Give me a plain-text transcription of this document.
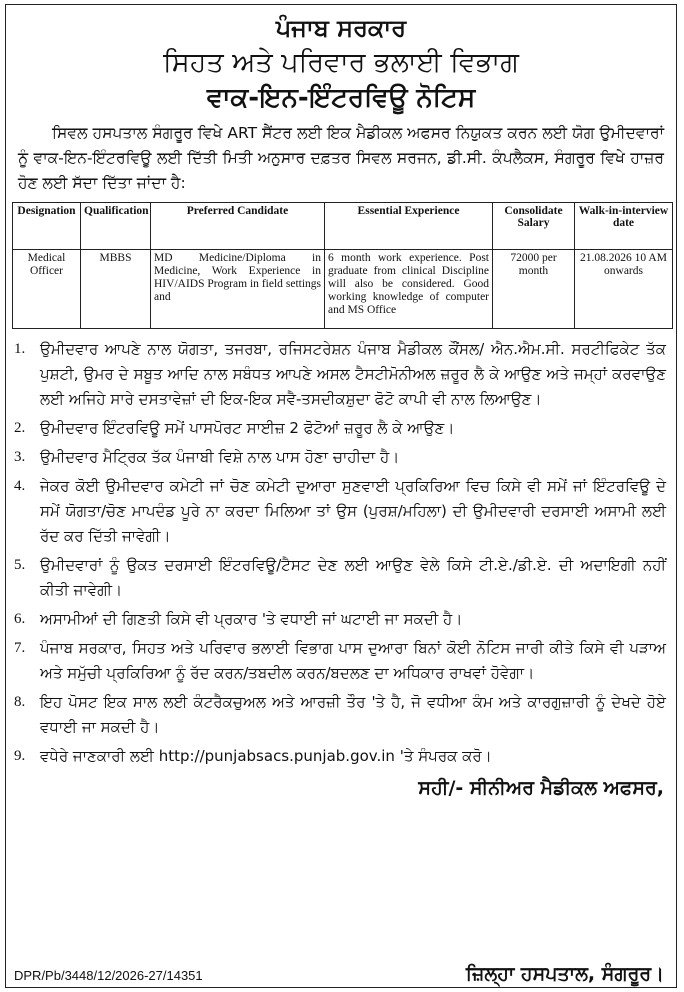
ਪੰਜਾਬ ਸਰਕਾਰ
ਸਿਹਤ ਅਤੇ ਪਰਿਵਾਰ ਭਲਾਈ ਵਿਭਾਗ
ਵਾਕ-ਇਨ-ਇੰਟਰਵਿਊ ਨੋਟਿਸ
ਸਿਵਲ ਹਸਪਤਾਲ ਸੰਗਰੂਰ ਵਿਖੇ ART ਸੈਂਟਰ ਲਈ ਇਕ ਮੈਡੀਕਲ ਅਫਸਰ ਨਿਯੁਕਤ ਕਰਨ ਲਈ ਯੋਗ ਉਮੀਦਵਾਰਾਂ ਨੂੰ ਵਾਕ-ਇਨ-ਇੰਟਰਵਿਊ ਲਈ ਦਿੱਤੀ ਮਿਤੀ ਅਨੁਸਾਰ ਦਫ਼ਤਰ ਸਿਵਲ ਸਰਜਨ, ਡੀ.ਸੀ. ਕੰਪਲੈਕਸ, ਸੰਗਰੂਰ ਵਿਖੇ ਹਾਜ਼ਰ ਹੋਣ ਲਈ ਸੱਦਾ ਦਿੱਤਾ ਜਾਂਦਾ ਹੈ:
Designation	Qualification	Preferred Candidate	Essential Experience	Consolidate Salary	Walk-in-interview date
Medical Officer	MBBS	MD Medicine/Diploma in Medicine, Work Experience in HIV/AIDS Program in field settings and	6 month work experience. Post graduate from clinical Discipline will also be considered. Good working knowledge of computer and MS Office	72000 per month	21.08.2026 10 AM onwards
1. ਉਮੀਦਵਾਰ ਆਪਣੇ ਨਾਲ ਯੋਗਤਾ, ਤਜਰਬਾ, ਰਜਿਸਟਰੇਸ਼ਨ ਪੰਜਾਬ ਮੈਡੀਕਲ ਕੌਂਸਲ/ ਐਨ.ਐਮ.ਸੀ. ਸਰਟੀਫਿਕੇਟ ਤੱਕ ਪੁਸ਼ਟੀ, ਉਮਰ ਦੇ ਸਬੂਤ ਆਦਿ ਨਾਲ ਸਬੰਧਤ ਆਪਣੇ ਅਸਲ ਟੈਸਟੀਮੋਨੀਅਲ ਜ਼ਰੂਰ ਲੈ ਕੇ ਆਉਣ ਅਤੇ ਜਮ੍ਹਾਂ ਕਰਵਾਉਣ ਲਈ ਅਜਿਹੇ ਸਾਰੇ ਦਸਤਾਵੇਜ਼ਾਂ ਦੀ ਇਕ-ਇਕ ਸਵੈ-ਤਸਦੀਕਸ਼ੁਦਾ ਫੋਟੋ ਕਾਪੀ ਵੀ ਨਾਲ ਲਿਆਉਣ।
2. ਉਮੀਦਵਾਰ ਇੰਟਰਵਿਊ ਸਮੇਂ ਪਾਸਪੋਰਟ ਸਾਈਜ਼ 2 ਫੋਟੋਆਂ ਜ਼ਰੂਰ ਲੈ ਕੇ ਆਉਣ।
3. ਉਮੀਦਵਾਰ ਮੈਟ੍ਰਿਕ ਤੱਕ ਪੰਜਾਬੀ ਵਿਸ਼ੇ ਨਾਲ ਪਾਸ ਹੋਣਾ ਚਾਹੀਦਾ ਹੈ।
4. ਜੇਕਰ ਕੋਈ ਉਮੀਦਵਾਰ ਕਮੇਟੀ ਜਾਂ ਚੋਣ ਕਮੇਟੀ ਦੁਆਰਾ ਸੁਣਵਾਈ ਪ੍ਰਕਿਰਿਆ ਵਿਚ ਕਿਸੇ ਵੀ ਸਮੇਂ ਜਾਂ ਇੰਟਰਵਿਊ ਦੇ ਸਮੇਂ ਯੋਗਤਾ/ਚੋਣ ਮਾਪਦੰਡ ਪੂਰੇ ਨਾ ਕਰਦਾ ਮਿਲਿਆ ਤਾਂ ਉਸ (ਪੁਰਸ਼/ਮਹਿਲਾ) ਦੀ ਉਮੀਦਵਾਰੀ ਦਰਸਾਈ ਅਸਾਮੀ ਲਈ ਰੱਦ ਕਰ ਦਿੱਤੀ ਜਾਵੇਗੀ।
5. ਉਮੀਦਵਾਰਾਂ ਨੂੰ ਉਕਤ ਦਰਸਾਈ ਇੰਟਰਵਿਊ/ਟੈਸਟ ਦੇਣ ਲਈ ਆਉਣ ਵੇਲੇ ਕਿਸੇ ਟੀ.ਏ./ਡੀ.ਏ. ਦੀ ਅਦਾਇਗੀ ਨਹੀਂ ਕੀਤੀ ਜਾਵੇਗੀ।
6. ਅਸਾਮੀਆਂ ਦੀ ਗਿਣਤੀ ਕਿਸੇ ਵੀ ਪ੍ਰਕਾਰ 'ਤੇ ਵਧਾਈ ਜਾਂ ਘਟਾਈ ਜਾ ਸਕਦੀ ਹੈ।
7. ਪੰਜਾਬ ਸਰਕਾਰ, ਸਿਹਤ ਅਤੇ ਪਰਿਵਾਰ ਭਲਾਈ ਵਿਭਾਗ ਪਾਸ ਦੁਆਰਾ ਬਿਨਾਂ ਕੋਈ ਨੋਟਿਸ ਜਾਰੀ ਕੀਤੇ ਕਿਸੇ ਵੀ ਪੜਾਅ ਅਤੇ ਸਮੁੱਚੀ ਪ੍ਰਕਿਰਿਆ ਨੂੰ ਰੱਦ ਕਰਨ/ਤਬਦੀਲ ਕਰਨ/ਬਦਲਣ ਦਾ ਅਧਿਕਾਰ ਰਾਖਵਾਂ ਹੋਵੇਗਾ।
8. ਇਹ ਪੋਸਟ ਇਕ ਸਾਲ ਲਈ ਕੰਟਰੈਕਚੁਅਲ ਅਤੇ ਆਰਜ਼ੀ ਤੌਰ 'ਤੇ ਹੈ, ਜੋ ਵਧੀਆ ਕੰਮ ਅਤੇ ਕਾਰਗੁਜ਼ਾਰੀ ਨੂੰ ਦੇਖਦੇ ਹੋਏ ਵਧਾਈ ਜਾ ਸਕਦੀ ਹੈ।
9. ਵਧੇਰੇ ਜਾਣਕਾਰੀ ਲਈ http://punjabsacs.punjab.gov.in 'ਤੇ ਸੰਪਰਕ ਕਰੋ।
ਸਹੀ/- ਸੀਨੀਅਰ ਮੈਡੀਕਲ ਅਫਸਰ,
ਜ਼ਿਲ੍ਹਾ ਹਸਪਤਾਲ, ਸੰਗਰੂਰ।
DPR/Pb/3448/12/2026-27/14351
